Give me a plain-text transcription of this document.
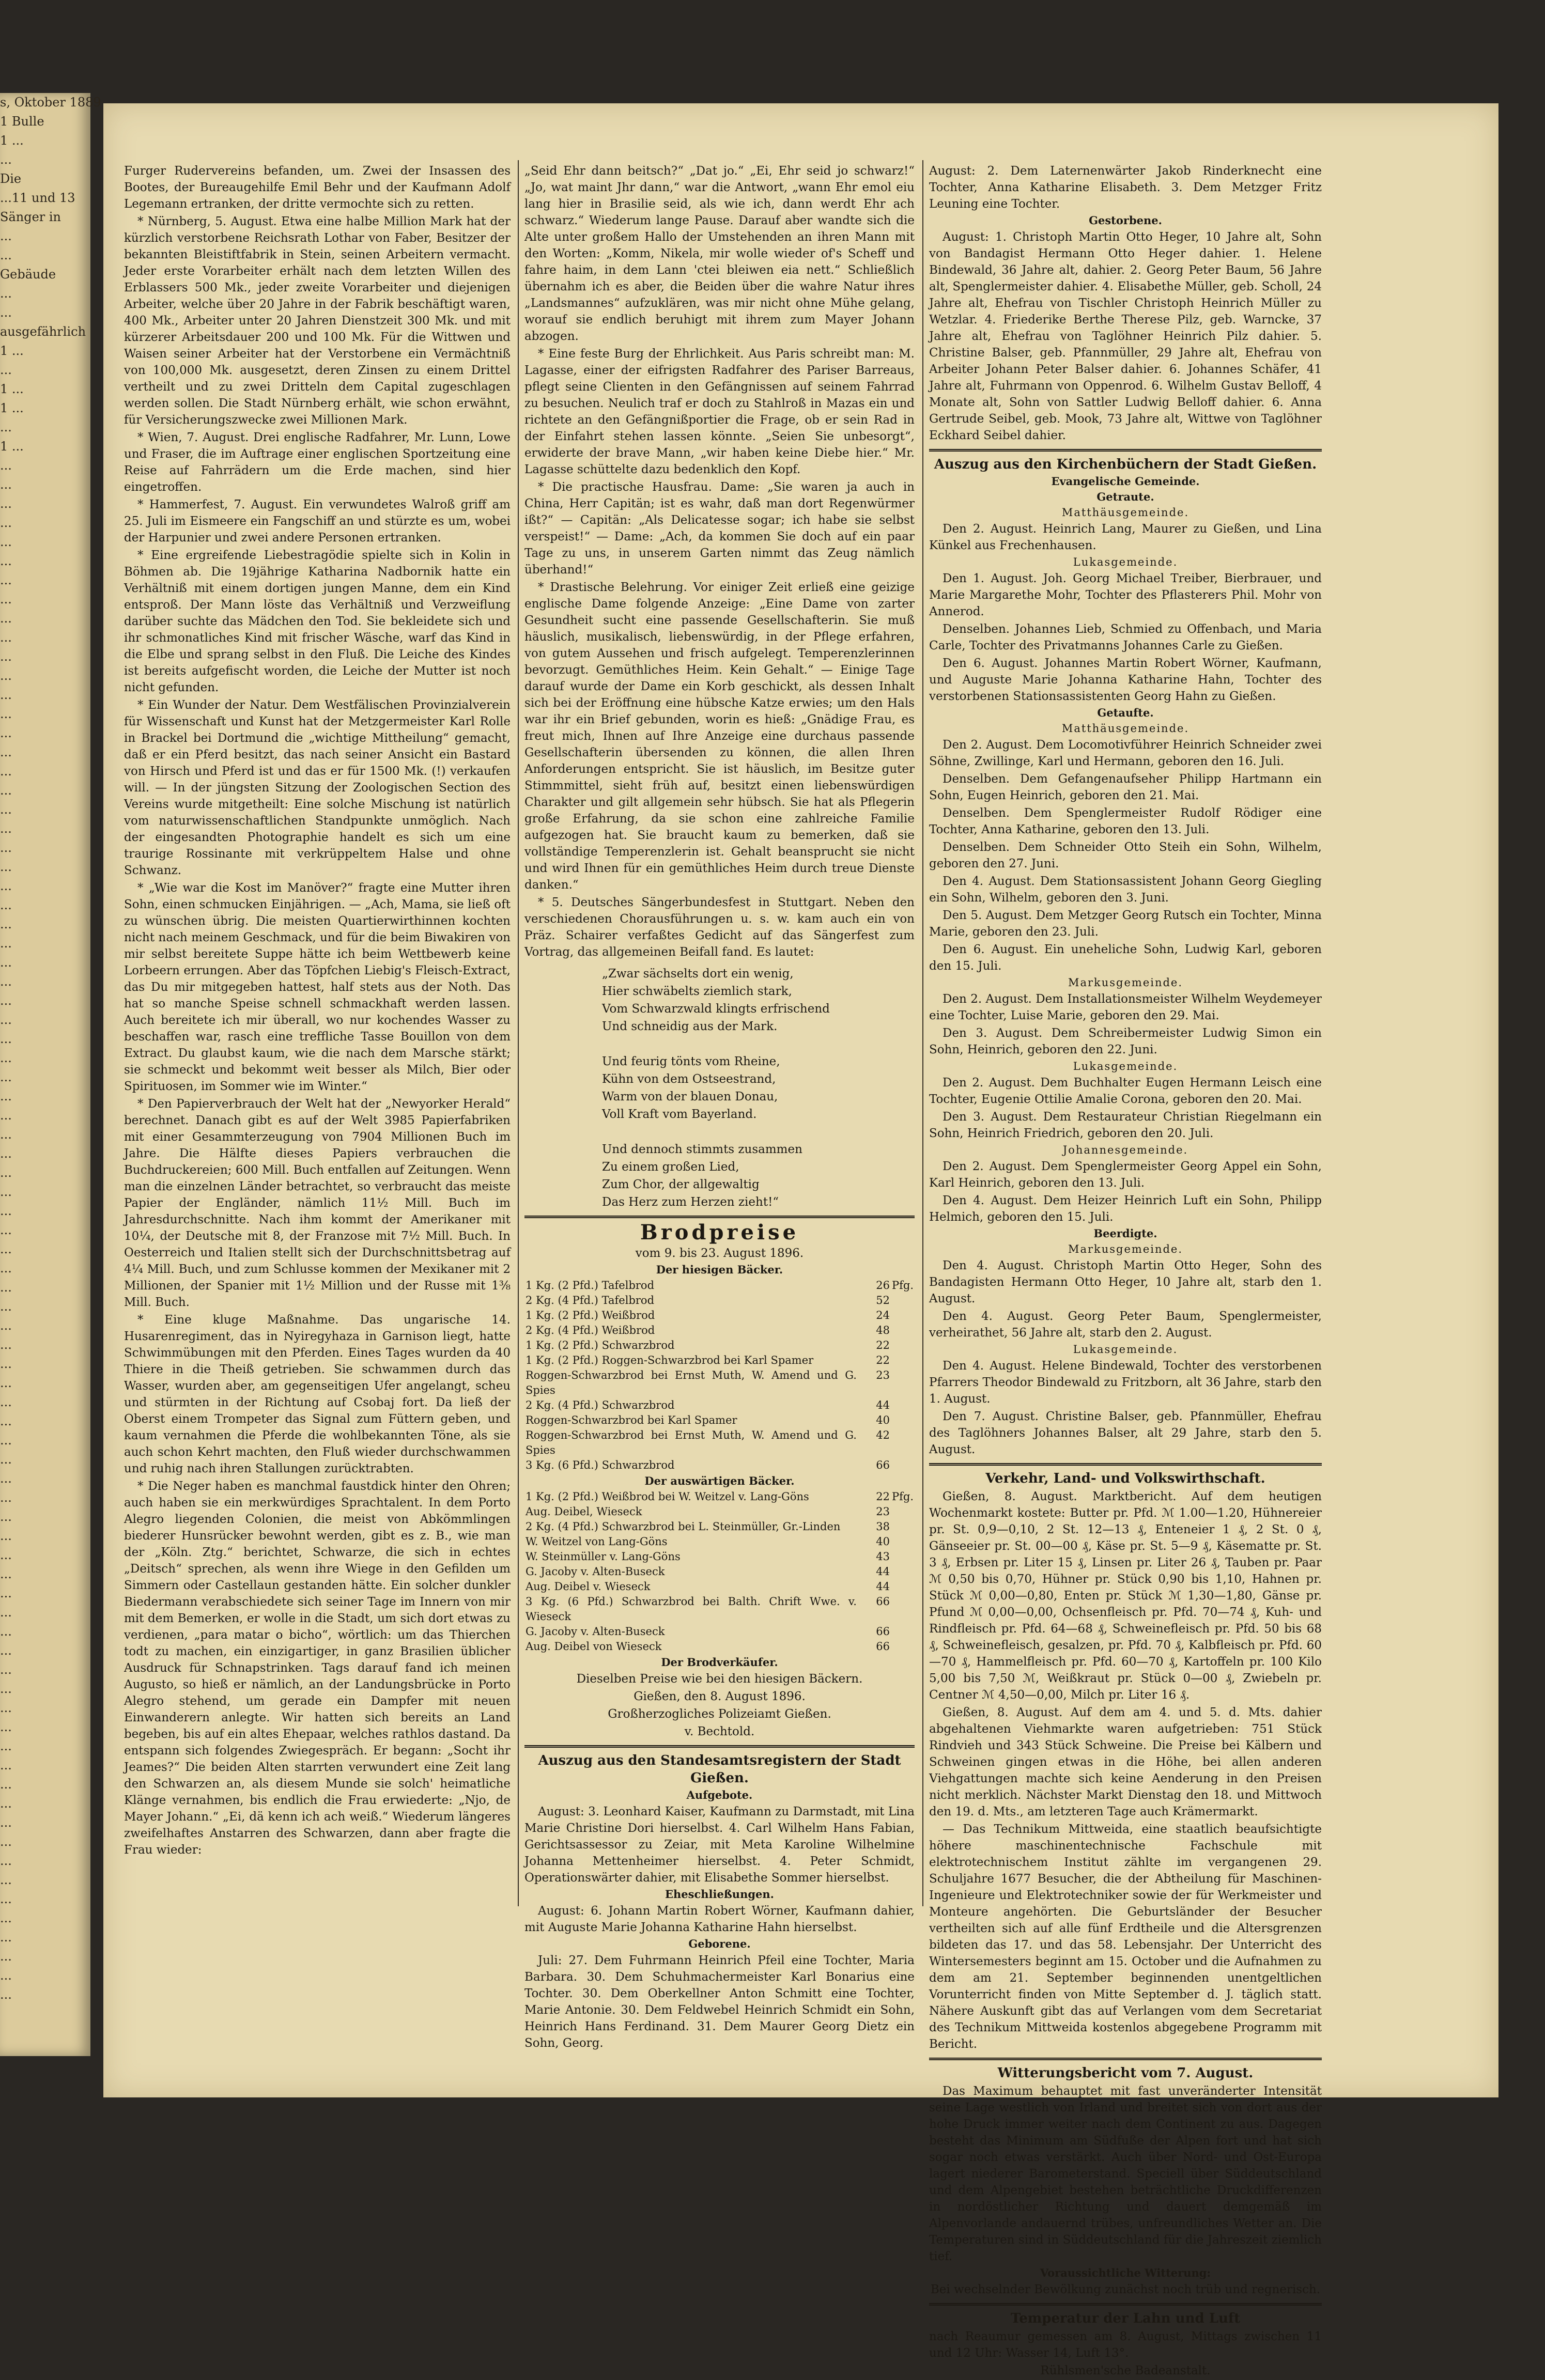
s, Oktober 1889

1 Bulle

1 ...

...

Die

...11 und 13

Sänger in

...

...

Gebäude

...

...

ausgefährlich

1 ...

...

1 ...

1 ...

...

1 ...

...

...

...

...

...

...

...

...

...

...

...

...

...

...

...

...

...

...

...

...

...

...

...

...

...

...

...

...

...

...

...

...

...

...

...

...

...

...

...

...

...

...

...

...

...

...

...

...

...

...

...

...

...

...

...

...

...

...

...

...

...

...

...

...

...

...

...

...

...

...

...

...

...

...

...

...

...

...

...

...

...

Furger Rudervereins befanden, um. Zwei der Insassen des Bootes, der Bureaugehilfe Emil Behr und der Kaufmann Adolf Legemann ertranken, der dritte vermochte sich zu retten.

* Nürnberg, 5. August. Etwa eine halbe Million Mark hat der kürzlich verstorbene Reichsrath Lothar von Faber, Besitzer der bekannten Bleistiftfabrik in Stein, seinen Arbeitern vermacht. Jeder erste Vorarbeiter erhält nach dem letzten Willen des Erblassers 500 Mk., jeder zweite Vorarbeiter und diejenigen Arbeiter, welche über 20 Jahre in der Fabrik beschäftigt waren, 400 Mk., Arbeiter unter 20 Jahren Dienstzeit 300 Mk. und mit kürzerer Arbeitsdauer 200 und 100 Mk. Für die Wittwen und Waisen seiner Arbeiter hat der Verstorbene ein Vermächtniß von 100,000 Mk. ausgesetzt, deren Zinsen zu einem Drittel vertheilt und zu zwei Dritteln dem Capital zugeschlagen werden sollen. Die Stadt Nürnberg erhält, wie schon erwähnt, für Versicherungszwecke zwei Millionen Mark.

* Wien, 7. August. Drei englische Radfahrer, Mr. Lunn, Lowe und Fraser, die im Auftrage einer englischen Sportzeitung eine Reise auf Fahrrädern um die Erde machen, sind hier eingetroffen.

* Hammerfest, 7. August. Ein verwundetes Walroß griff am 25. Juli im Eismeere ein Fangschiff an und stürzte es um, wobei der Harpunier und zwei andere Personen ertranken.

* Eine ergreifende Liebestragödie spielte sich in Kolin in Böhmen ab. Die 19jährige Katharina Nadbornik hatte ein Verhältniß mit einem dortigen jungen Manne, dem ein Kind entsproß. Der Mann löste das Verhältniß und Verzweiflung darüber suchte das Mädchen den Tod. Sie bekleidete sich und ihr schmonatliches Kind mit frischer Wäsche, warf das Kind in die Elbe und sprang selbst in den Fluß. Die Leiche des Kindes ist bereits aufgefischt worden, die Leiche der Mutter ist noch nicht gefunden.

* Ein Wunder der Natur. Dem Westfälischen Provinzialverein für Wissenschaft und Kunst hat der Metzgermeister Karl Rolle in Brackel bei Dortmund die „wichtige Mittheilung“ gemacht, daß er ein Pferd besitzt, das nach seiner Ansicht ein Bastard von Hirsch und Pferd ist und das er für 1500 Mk. (!) verkaufen will. — In der jüngsten Sitzung der Zoologischen Section des Vereins wurde mitgetheilt: Eine solche Mischung ist natürlich vom naturwissenschaftlichen Standpunkte unmöglich. Nach der eingesandten Photographie handelt es sich um eine traurige Rossinante mit verkrüppeltem Halse und ohne Schwanz.

* „Wie war die Kost im Manöver?“ fragte eine Mutter ihren Sohn, einen schmucken Einjährigen. — „Ach, Mama, sie ließ oft zu wünschen übrig. Die meisten Quartierwirthinnen kochten nicht nach meinem Geschmack, und für die beim Biwakiren von mir selbst bereitete Suppe hätte ich beim Wettbewerb keine Lorbeern errungen. Aber das Töpfchen Liebig's Fleisch-Extract, das Du mir mitgegeben hattest, half stets aus der Noth. Das hat so manche Speise schnell schmackhaft werden lassen. Auch bereitete ich mir überall, wo nur kochendes Wasser zu beschaffen war, rasch eine treffliche Tasse Bouillon von dem Extract. Du glaubst kaum, wie die nach dem Marsche stärkt; sie schmeckt und bekommt weit besser als Milch, Bier oder Spirituosen, im Sommer wie im Winter.“

* Den Papierverbrauch der Welt hat der „Newyorker Herald“ berechnet. Danach gibt es auf der Welt 3985 Papierfabriken mit einer Gesammterzeugung von 7904 Millionen Buch im Jahre. Die Hälfte dieses Papiers verbrauchen die Buchdruckereien; 600 Mill. Buch entfallen auf Zeitungen. Wenn man die einzelnen Länder betrachtet, so verbraucht das meiste Papier der Engländer, nämlich 11½ Mill. Buch im Jahresdurchschnitte. Nach ihm kommt der Amerikaner mit 10¼, der Deutsche mit 8, der Franzose mit 7½ Mill. Buch. In Oesterreich und Italien stellt sich der Durchschnittsbetrag auf 4¼ Mill. Buch, und zum Schlusse kommen der Mexikaner mit 2 Millionen, der Spanier mit 1½ Million und der Russe mit 1⅜ Mill. Buch.

* Eine kluge Maßnahme. Das ungarische 14. Husarenregiment, das in Nyiregyhaza in Garnison liegt, hatte Schwimmübungen mit den Pferden. Eines Tages wurden da 40 Thiere in die Theiß getrieben. Sie schwammen durch das Wasser, wurden aber, am gegenseitigen Ufer angelangt, scheu und stürmten in der Richtung auf Csobaj fort. Da ließ der Oberst einem Trompeter das Signal zum Füttern geben, und kaum vernahmen die Pferde die wohlbekannten Töne, als sie auch schon Kehrt machten, den Fluß wieder durchschwammen und ruhig nach ihren Stallungen zurücktrabten.

* Die Neger haben es manchmal faustdick hinter den Ohren; auch haben sie ein merkwürdiges Sprachtalent. In dem Porto Alegro liegenden Colonien, die meist von Abkömmlingen biederer Hunsrücker bewohnt werden, gibt es z. B., wie man der „Köln. Ztg.“ berichtet, Schwarze, die sich in echtes „Deitsch“ sprechen, als wenn ihre Wiege in den Gefilden um Simmern oder Castellaun gestanden hätte. Ein solcher dunkler Biedermann verabschiedete sich seiner Tage im Innern von mir mit dem Bemerken, er wolle in die Stadt, um sich dort etwas zu verdienen, „para matar o bicho“, wörtlich: um das Thierchen todt zu machen, ein einzigartiger, in ganz Brasilien üblicher Ausdruck für Schnapstrinken. Tags darauf fand ich meinen Augusto, so hieß er nämlich, an der Landungsbrücke in Porto Alegro stehend, um gerade ein Dampfer mit neuen Einwanderern anlegte. Wir hatten sich bereits an Land begeben, bis auf ein altes Ehepaar, welches rathlos dastand. Da entspann sich folgendes Zwiegespräch. Er begann: „Socht ihr Jeames?“ Die beiden Alten starrten verwundert eine Zeit lang den Schwarzen an, als diesem Munde sie solch' heimatliche Klänge vernahmen, bis endlich die Frau erwiederte: „Njo, de Mayer Johann.“ „Ei, dä kenn ich ach weiß.“ Wiederum längeres zweifelhaftes Anstarren des Schwarzen, dann aber fragte die Frau wieder:

„Seid Ehr dann beitsch?“ „Dat jo.“ „Ei, Ehr seid jo schwarz!“ „Jo, wat maint Jhr dann,“ war die Antwort, „wann Ehr emol eiu lang hier in Brasilie seid, als wie ich, dann werdt Ehr ach schwarz.“ Wiederum lange Pause. Darauf aber wandte sich die Alte unter großem Hallo der Umstehenden an ihren Mann mit den Worten: „Komm, Nikela, mir wolle wieder of's Scheff und fahre haim, in dem Lann 'ctei bleiwen eia nett.“ Schließlich übernahm ich es aber, die Beiden über die wahre Natur ihres „Landsmannes“ aufzuklären, was mir nicht ohne Mühe gelang, worauf sie endlich beruhigt mit ihrem zum Mayer Johann abzogen.

* Eine feste Burg der Ehrlichkeit. Aus Paris schreibt man: M. Lagasse, einer der eifrigsten Radfahrer des Pariser Barreaus, pflegt seine Clienten in den Gefängnissen auf seinem Fahrrad zu besuchen. Neulich traf er doch zu Stahlroß in Mazas ein und richtete an den Gefängnißportier die Frage, ob er sein Rad in der Einfahrt stehen lassen könnte. „Seien Sie unbesorgt“, erwiderte der brave Mann, „wir haben keine Diebe hier.“ Mr. Lagasse schüttelte dazu bedenklich den Kopf.

* Die practische Hausfrau. Dame: „Sie waren ja auch in China, Herr Capitän; ist es wahr, daß man dort Regenwürmer ißt?“ — Capitän: „Als Delicatesse sogar; ich habe sie selbst verspeist!“ — Dame: „Ach, da kommen Sie doch auf ein paar Tage zu uns, in unserem Garten nimmt das Zeug nämlich überhand!“

* Drastische Belehrung. Vor einiger Zeit erließ eine geizige englische Dame folgende Anzeige: „Eine Dame von zarter Gesundheit sucht eine passende Gesellschafterin. Sie muß häuslich, musikalisch, liebenswürdig, in der Pflege erfahren, von gutem Aussehen und frisch aufgelegt. Temperenzlerinnen bevorzugt. Gemüthliches Heim. Kein Gehalt.“ — Einige Tage darauf wurde der Dame ein Korb geschickt, als dessen Inhalt sich bei der Eröffnung eine hübsche Katze erwies; um den Hals war ihr ein Brief gebunden, worin es hieß: „Gnädige Frau, es freut mich, Ihnen auf Ihre Anzeige eine durchaus passende Gesellschafterin übersenden zu können, die allen Ihren Anforderungen entspricht. Sie ist häuslich, im Besitze guter Stimmmittel, sieht früh auf, besitzt einen liebenswürdigen Charakter und gilt allgemein sehr hübsch. Sie hat als Pflegerin große Erfahrung, da sie schon eine zahlreiche Familie aufgezogen hat. Sie braucht kaum zu bemerken, daß sie vollständige Temperenzlerin ist. Gehalt beansprucht sie nicht und wird Ihnen für ein gemüthliches Heim durch treue Dienste danken.“

* 5. Deutsches Sängerbundesfest in Stuttgart. Neben den verschiedenen Chorausführungen u. s. w. kam auch ein von Präz. Schairer verfaßtes Gedicht auf das Sängerfest zum Vortrag, das allgemeinen Beifall fand. Es lautet:

„Zwar sächselts dort ein wenig,

Hier schwäbelts ziemlich stark,

Vom Schwarzwald klingts erfrischend

Und schneidig aus der Mark.

Und feurig tönts vom Rheine,

Kühn von dem Ostseestrand,

Warm von der blauen Donau,

Voll Kraft vom Bayerland.

Und dennoch stimmts zusammen

Zu einem großen Lied,

Zum Chor, der allgewaltig

Das Herz zum Herzen zieht!“

Brodpreise

vom 9. bis 23. August 1896.

Der hiesigen Bäcker.
1 Kg. (2 Pfd.) Tafelbrod	26	Pfg.
2 Kg. (4 Pfd.) Tafelbrod	52	
1 Kg. (2 Pfd.) Weißbrod	24	
2 Kg. (4 Pfd.) Weißbrod	48	
1 Kg. (2 Pfd.) Schwarzbrod	22	
1 Kg. (2 Pfd.) Roggen-Schwarzbrod bei Karl Spamer	22	
Roggen-Schwarzbrod bei Ernst Muth, W. Amend und G. Spies	23	
2 Kg. (4 Pfd.) Schwarzbrod	44	
Roggen-Schwarzbrod bei Karl Spamer	40	
Roggen-Schwarzbrod bei Ernst Muth, W. Amend und G. Spies	42	
3 Kg. (6 Pfd.) Schwarzbrod	66	
Der auswärtigen Bäcker.
1 Kg. (2 Pfd.) Weißbrod bei W. Weitzel v. Lang-Göns	22	Pfg.
Aug. Deibel, Wieseck	23	
2 Kg. (4 Pfd.) Schwarzbrod bei L. Steinmüller, Gr.-Linden	38	
W. Weitzel von Lang-Göns	40	
W. Steinmüller v. Lang-Göns	43	
G. Jacoby v. Alten-Buseck	44	
Aug. Deibel v. Wieseck	44	
3 Kg. (6 Pfd.) Schwarzbrod bei Balth. Chrift Wwe. v. Wieseck	66	
G. Jacoby v. Alten-Buseck	66	
Aug. Deibel von Wieseck	66	
Der Brodverkäufer.

Dieselben Preise wie bei den hiesigen Bäckern.

Gießen, den 8. August 1896.

Großherzogliches Polizeiamt Gießen.

v. Bechtold.

Auszug aus den Standesamtsregistern der Stadt Gießen.
Aufgebote.

August: 3. Leonhard Kaiser, Kaufmann zu Darmstadt, mit Lina Marie Christine Dori hierselbst. 4. Carl Wilhelm Hans Fabian, Gerichtsassessor zu Zeiar, mit Meta Karoline Wilhelmine Johanna Mettenheimer hierselbst. 4. Peter Schmidt, Operationswärter dahier, mit Elisabethe Sommer hierselbst.

Eheschließungen.

August: 6. Johann Martin Robert Wörner, Kaufmann dahier, mit Auguste Marie Johanna Katharine Hahn hierselbst.

Geborene.

Juli: 27. Dem Fuhrmann Heinrich Pfeil eine Tochter, Maria Barbara. 30. Dem Schuhmachermeister Karl Bonarius eine Tochter. 30. Dem Oberkellner Anton Schmitt eine Tochter, Marie Antonie. 30. Dem Feldwebel Heinrich Schmidt ein Sohn, Heinrich Hans Ferdinand. 31. Dem Maurer Georg Dietz ein Sohn, Georg.

August: 2. Dem Laternenwärter Jakob Rinderknecht eine Tochter, Anna Katharine Elisabeth. 3. Dem Metzger Fritz Leuning eine Tochter.

Gestorbene.

August: 1. Christoph Martin Otto Heger, 10 Jahre alt, Sohn von Bandagist Hermann Otto Heger dahier. 1. Helene Bindewald, 36 Jahre alt, dahier. 2. Georg Peter Baum, 56 Jahre alt, Spenglermeister dahier. 4. Elisabethe Müller, geb. Scholl, 24 Jahre alt, Ehefrau von Tischler Christoph Heinrich Müller zu Wetzlar. 4. Friederike Berthe Therese Pilz, geb. Warncke, 37 Jahre alt, Ehefrau von Taglöhner Heinrich Pilz dahier. 5. Christine Balser, geb. Pfannmüller, 29 Jahre alt, Ehefrau von Arbeiter Johann Peter Balser dahier. 6. Johannes Schäfer, 41 Jahre alt, Fuhrmann von Oppenrod. 6. Wilhelm Gustav Belloff, 4 Monate alt, Sohn von Sattler Ludwig Belloff dahier. 6. Anna Gertrude Seibel, geb. Mook, 73 Jahre alt, Wittwe von Taglöhner Eckhard Seibel dahier.

Auszug aus den Kirchenbüchern der Stadt Gießen.
Evangelische Gemeinde.
Getraute.
Matthäusgemeinde.

Den 2. August. Heinrich Lang, Maurer zu Gießen, und Lina Künkel aus Frechenhausen.

Lukasgemeinde.

Den 1. August. Joh. Georg Michael Treiber, Bierbrauer, und Marie Margarethe Mohr, Tochter des Pflasterers Phil. Mohr von Annerod.

Denselben. Johannes Lieb, Schmied zu Offenbach, und Maria Carle, Tochter des Privatmanns Johannes Carle zu Gießen.

Den 6. August. Johannes Martin Robert Wörner, Kaufmann, und Auguste Marie Johanna Katharine Hahn, Tochter des verstorbenen Stationsassistenten Georg Hahn zu Gießen.

Getaufte.
Matthäusgemeinde.

Den 2. August. Dem Locomotivführer Heinrich Schneider zwei Söhne, Zwillinge, Karl und Hermann, geboren den 16. Juli.

Denselben. Dem Gefangenaufseher Philipp Hartmann ein Sohn, Eugen Heinrich, geboren den 21. Mai.

Denselben. Dem Spenglermeister Rudolf Rödiger eine Tochter, Anna Katharine, geboren den 13. Juli.

Denselben. Dem Schneider Otto Steih ein Sohn, Wilhelm, geboren den 27. Juni.

Den 4. August. Dem Stationsassistent Johann Georg Giegling ein Sohn, Wilhelm, geboren den 3. Juni.

Den 5. August. Dem Metzger Georg Rutsch ein Tochter, Minna Marie, geboren den 23. Juli.

Den 6. August. Ein uneheliche Sohn, Ludwig Karl, geboren den 15. Juli.

Markusgemeinde.

Den 2. August. Dem Installationsmeister Wilhelm Weydemeyer eine Tochter, Luise Marie, geboren den 29. Mai.

Den 3. August. Dem Schreibermeister Ludwig Simon ein Sohn, Heinrich, geboren den 22. Juni.

Lukasgemeinde.

Den 2. August. Dem Buchhalter Eugen Hermann Leisch eine Tochter, Eugenie Ottilie Amalie Corona, geboren den 20. Mai.

Den 3. August. Dem Restaurateur Christian Riegelmann ein Sohn, Heinrich Friedrich, geboren den 20. Juli.

Johannesgemeinde.

Den 2. August. Dem Spenglermeister Georg Appel ein Sohn, Karl Heinrich, geboren den 13. Juli.

Den 4. August. Dem Heizer Heinrich Luft ein Sohn, Philipp Helmich, geboren den 15. Juli.

Beerdigte.
Markusgemeinde.

Den 4. August. Christoph Martin Otto Heger, Sohn des Bandagisten Hermann Otto Heger, 10 Jahre alt, starb den 1. August.

Den 4. August. Georg Peter Baum, Spenglermeister, verheirathet, 56 Jahre alt, starb den 2. August.

Lukasgemeinde.

Den 4. August. Helene Bindewald, Tochter des verstorbenen Pfarrers Theodor Bindewald zu Fritzborn, alt 36 Jahre, starb den 1. August.

Den 7. August. Christine Balser, geb. Pfannmüller, Ehefrau des Taglöhners Johannes Balser, alt 29 Jahre, starb den 5. August.

Verkehr, Land- und Volkswirthschaft.

Gießen, 8. August. Marktbericht. Auf dem heutigen Wochenmarkt kostete: Butter pr. Pfd. ℳ 1.00—1.20, Hühnereier pr. St. 0,9—0,10, 2 St. 12—13 ₰, Enteneier 1 ₰, 2 St. 0 ₰, Gänseeier pr. St. 00—00 ₰, Käse pr. St. 5—9 ₰, Käsematte pr. St. 3 ₰, Erbsen pr. Liter 15 ₰, Linsen pr. Liter 26 ₰, Tauben pr. Paar ℳ 0,50 bis 0,70, Hühner pr. Stück 0,90 bis 1,10, Hahnen pr. Stück ℳ 0,00—0,80, Enten pr. Stück ℳ 1,30—1,80, Gänse pr. Pfund ℳ 0,00—0,00, Ochsenfleisch pr. Pfd. 70—74 ₰, Kuh- und Rindfleisch pr. Pfd. 64—68 ₰, Schweinefleisch pr. Pfd. 50 bis 68 ₰, Schweinefleisch, gesalzen, pr. Pfd. 70 ₰, Kalbfleisch pr. Pfd. 60—70 ₰, Hammelfleisch pr. Pfd. 60—70 ₰, Kartoffeln pr. 100 Kilo 5,00 bis 7,50 ℳ, Weißkraut pr. Stück 0—00 ₰, Zwiebeln pr. Centner ℳ 4,50—0,00, Milch pr. Liter 16 ₰.

Gießen, 8. August. Auf dem am 4. und 5. d. Mts. dahier abgehaltenen Viehmarkte waren aufgetrieben: 751 Stück Rindvieh und 343 Stück Schweine. Die Preise bei Kälbern und Schweinen gingen etwas in die Höhe, bei allen anderen Viehgattungen machte sich keine Aenderung in den Preisen nicht merklich. Nächster Markt Dienstag den 18. und Mittwoch den 19. d. Mts., am letzteren Tage auch Krämermarkt.

— Das Technikum Mittweida, eine staatlich beaufsichtigte höhere maschinentechnische Fachschule mit elektrotechnischem Institut zählte im vergangenen 29. Schuljahre 1677 Besucher, die der Abtheilung für Maschinen-Ingenieure und Elektrotechniker sowie der für Werkmeister und Monteure angehörten. Die Geburtsländer der Besucher vertheilten sich auf alle fünf Erdtheile und die Altersgrenzen bildeten das 17. und das 58. Lebensjahr. Der Unterricht des Wintersemesters beginnt am 15. October und die Aufnahmen zu dem am 21. September beginnenden unentgeltlichen Vorunterricht finden von Mitte September d. J. täglich statt. Nähere Auskunft gibt das auf Verlangen vom dem Secretariat des Technikum Mittweida kostenlos abgegebene Programm mit Bericht.

Witterungsbericht vom 7. August.

Das Maximum behauptet mit fast unveränderter Intensität seine Lage westlich von Irland und breitet sich von dort aus der hohe Druck immer weiter nach dem Continent zu aus. Dagegen besteht das Minimum am Südfuße der Alpen fort und hat sich sogar noch etwas verstärkt. Auch über Nord- und Ost-Europa lagert niederer Barometerstand. Speciell über Süddeutschland und dem Alpengebiet bestehen beträchtliche Druckdifferenzen in nordöstlicher Richtung und dauert demgemäß im Alpenvorlande andauernd trübes, unfreundliches Wetter an. Die Temperaturen sind in Süddeutschland für die Jahreszeit ziemlich tief.

Voraussichtliche Witterung:

Bei wechselnder Bewölkung zunächst noch trüb und regnerisch.

Temperatur der Lahn und Luft

nach Reaumur gemessen am 8. August, Mittags zwischen 11 und 12 Uhr: Wasser 14, Luft 13°.

Rühlsmen'sche Badeanstalt.
